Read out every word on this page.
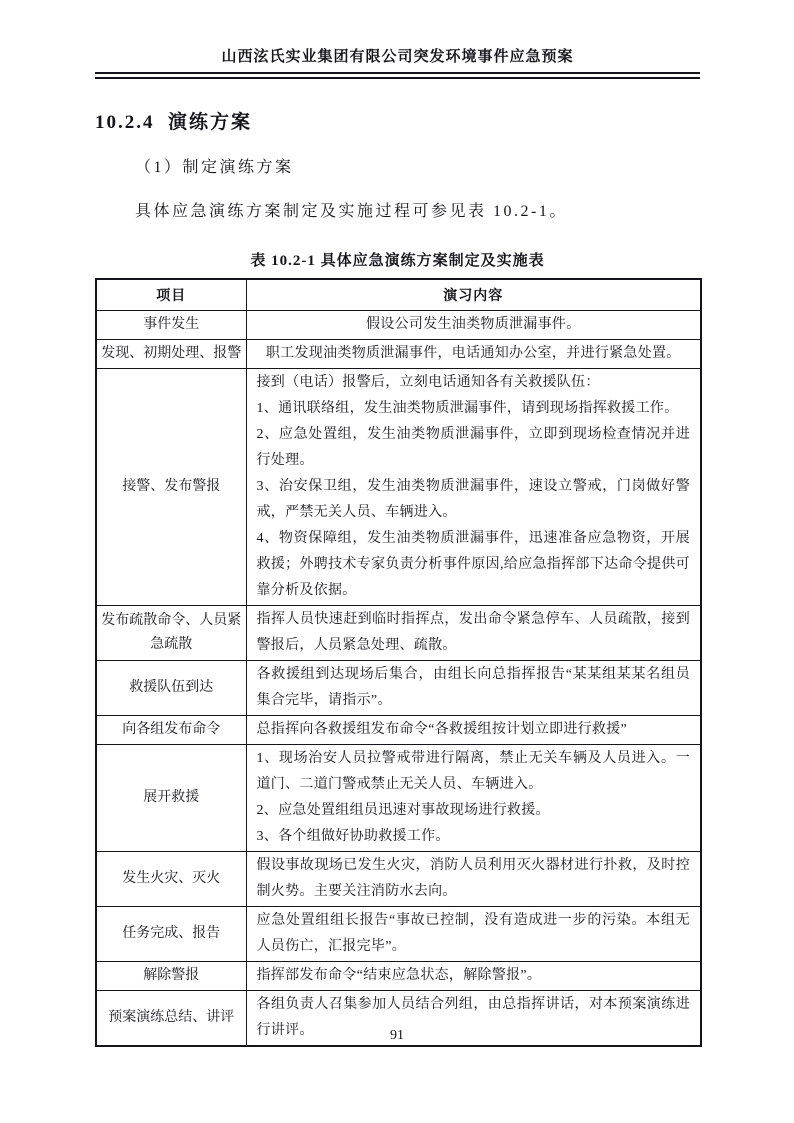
山西泫氏实业集团有限公司突发环境事件应急预案
10.2.4  演练方案

（1）制定演练方案

具体应急演练方案制定及实施过程可参见表 10.2-1。

表 10.2-1 具体应急演练方案制定及实施表
项目	演习内容
事件发生	假设公司发生油类物质泄漏事件。

发现、初期处理、报警	职工发现油类物质泄漏事件，电话通知办公室，并进行紧急处置。

接警、发布警报	接到（电话）报警后，立刻电话通知各有关救援队伍：

1、通讯联络组，发生油类物质泄漏事件，请到现场指挥救援工作。

2、应急处置组，发生油类物质泄漏事件，立即到现场检查情况并进行处理。

3、治安保卫组，发生油类物质泄漏事件，速设立警戒，门岗做好警戒，严禁无关人员、车辆进入。

4、物资保障组，发生油类物质泄漏事件，迅速准备应急物资，开展救援；外聘技术专家负责分析事件原因,给应急指挥部下达命令提供可靠分析及依据。

发布疏散命令、人员紧急疏散	指挥人员快速赶到临时指挥点，发出命令紧急停车、人员疏散，接到警报后，人员紧急处理、疏散。

救援队伍到达	各救援组到达现场后集合，由组长向总指挥报告“某某组某某名组员集合完毕，请指示”。

向各组发布命令	总指挥向各救援组发布命令“各救援组按计划立即进行救援”

展开救援	1、现场治安人员拉警戒带进行隔离，禁止无关车辆及人员进入。一道门、二道门警戒禁止无关人员、车辆进入。

2、应急处置组组员迅速对事故现场进行救援。

3、各个组做好协助救援工作。

发生火灾、灭火	假设事故现场已发生火灾，消防人员利用灭火器材进行扑救，及时控制火势。主要关注消防水去向。

任务完成、报告	应急处置组组长报告“事故已控制，没有造成进一步的污染。本组无人员伤亡，汇报完毕”。

解除警报	指挥部发布命令“结束应急状态，解除警报”。

预案演练总结、讲评	各组负责人召集参加人员结合列组，由总指挥讲话，对本预案演练进行讲评。	91
